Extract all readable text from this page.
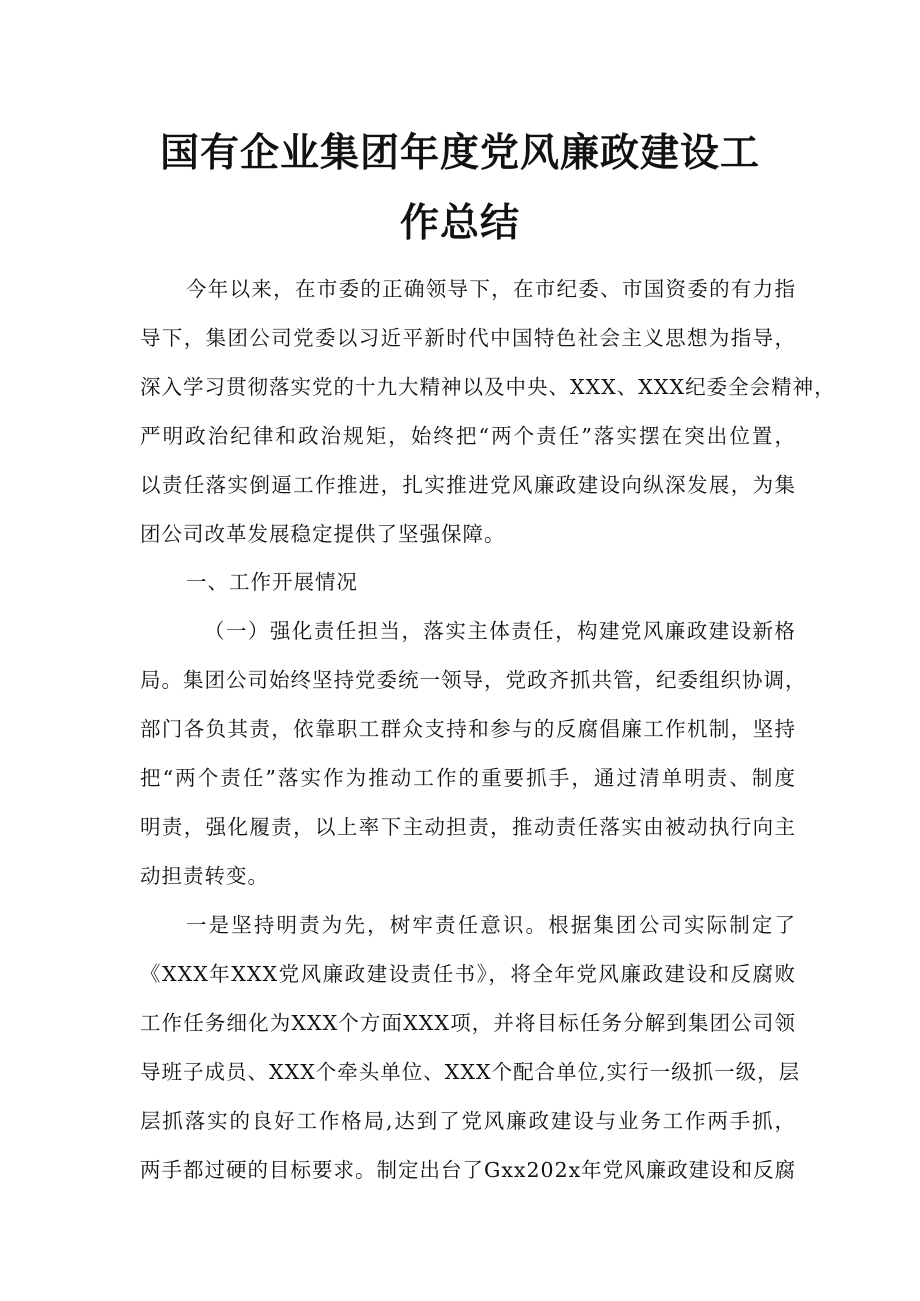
国有企业集团年度党风廉政建设工
作总结
今年以来，在市委的正确领导下，在市纪委、市国资委的有力指
导下，集团公司党委以习近平新时代中国特色社会主义思想为指导，
深入学习贯彻落实党的十九大精神以及中央、XXX、XXX纪委全会精神，
严明政治纪律和政治规矩，始终把“两个责任”落实摆在突出位置，
以责任落实倒逼工作推进，扎实推进党风廉政建设向纵深发展，为集
团公司改革发展稳定提供了坚强保障。
一、工作开展情况
（一）强化责任担当，落实主体责任，构建党风廉政建设新格
局。集团公司始终坚持党委统一领导，党政齐抓共管，纪委组织协调，
部门各负其责，依靠职工群众支持和参与的反腐倡廉工作机制，坚持
把“两个责任”落实作为推动工作的重要抓手，通过清单明责、制度
明责，强化履责，以上率下主动担责，推动责任落实由被动执行向主
动担责转变。
一是坚持明责为先，树牢责任意识。根据集团公司实际制定了
《XXX年XXX党风廉政建设责任书》，将全年党风廉政建设和反腐败
工作任务细化为XXX个方面XXX项，并将目标任务分解到集团公司领
导班子成员、XXX个牵头单位、XXX个配合单位,实行一级抓一级，层
层抓落实的良好工作格局,达到了党风廉政建设与业务工作两手抓，
两手都过硬的目标要求。制定出台了Gxx202x年党风廉政建设和反腐
